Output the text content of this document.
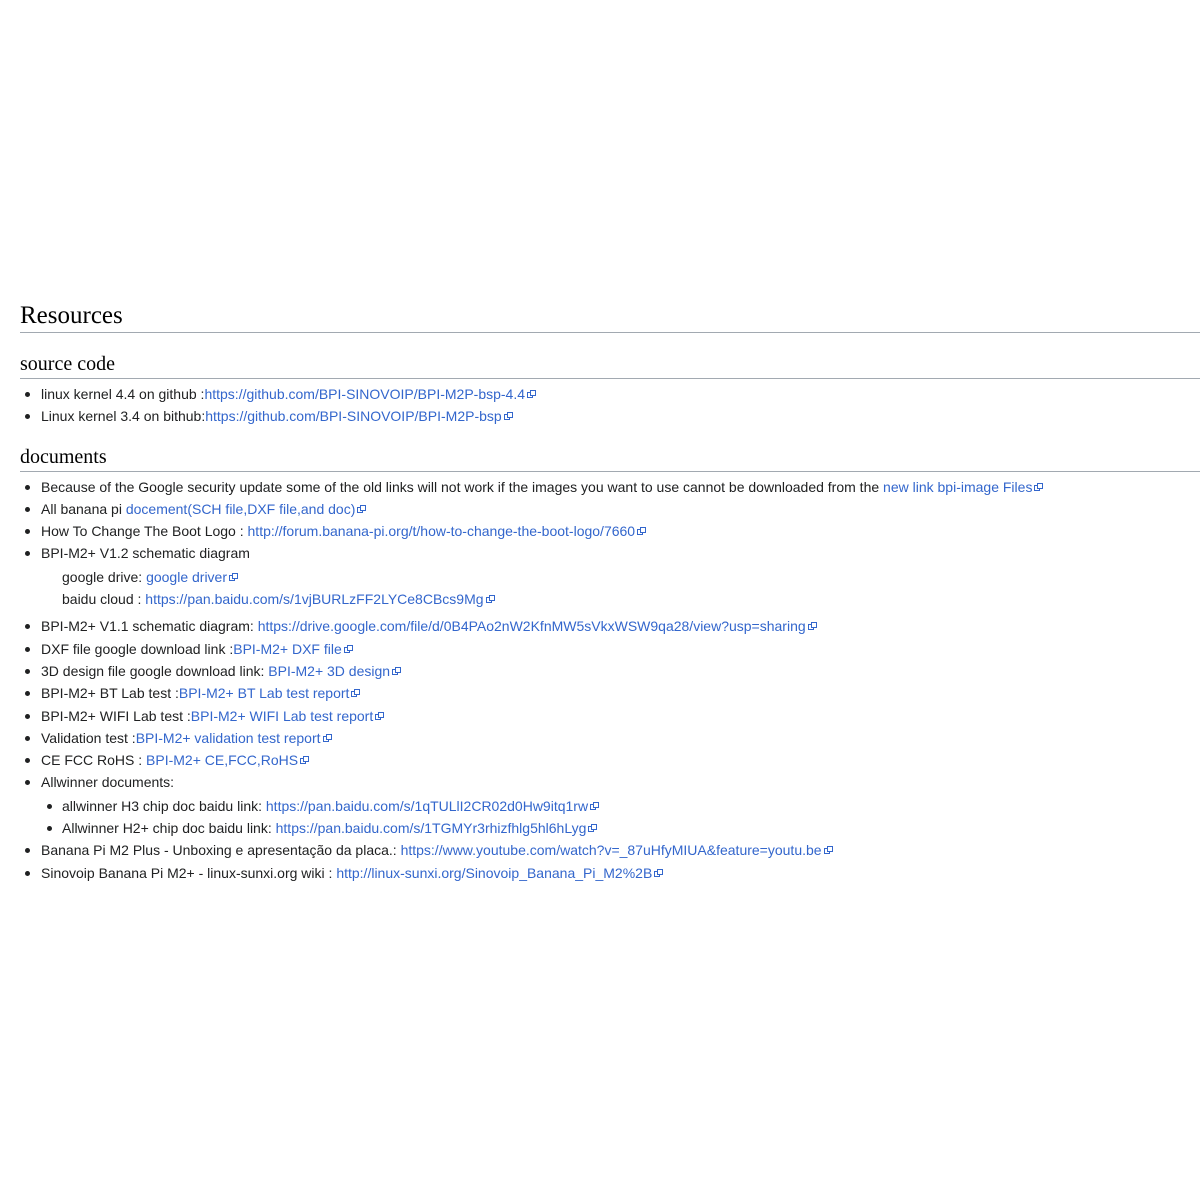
Resources
source code
linux kernel 4.4 on github :https://github.com/BPI-SINOVOIP/BPI-M2P-bsp-4.4
Linux kernel 3.4 on bithub:https://github.com/BPI-SINOVOIP/BPI-M2P-bsp
documents
Because of the Google security update some of the old links will not work if the images you want to use cannot be downloaded from the new link bpi-image Files
All banana pi docement(SCH file,DXF file,and doc)
How To Change The Boot Logo : http://forum.banana-pi.org/t/how-to-change-the-boot-logo/7660
BPI-M2+ V1.2 schematic diagram
google drive: google driver
baidu cloud : https://pan.baidu.com/s/1vjBURLzFF2LYCe8CBcs9Mg
BPI-M2+ V1.1 schematic diagram: https://drive.google.com/file/d/0B4PAo2nW2KfnMW5sVkxWSW9qa28/view?usp=sharing
DXF file google download link :BPI-M2+ DXF file
3D design file google download link: BPI-M2+ 3D design
BPI-M2+ BT Lab test :BPI-M2+ BT Lab test report
BPI-M2+ WIFI Lab test :BPI-M2+ WIFI Lab test report
Validation test :BPI-M2+ validation test report
CE FCC RoHS : BPI-M2+ CE,FCC,RoHS
Allwinner documents:
allwinner H3 chip doc baidu link: https://pan.baidu.com/s/1qTULlI2CR02d0Hw9itq1rw
Allwinner H2+ chip doc baidu link: https://pan.baidu.com/s/1TGMYr3rhizfhlg5hl6hLyg
Banana Pi M2 Plus - Unboxing e apresentação da placa.: https://www.youtube.com/watch?v=_87uHfyMIUA&feature=youtu.be
Sinovoip Banana Pi M2+ - linux-sunxi.org wiki : http://linux-sunxi.org/Sinovoip_Banana_Pi_M2%2B
